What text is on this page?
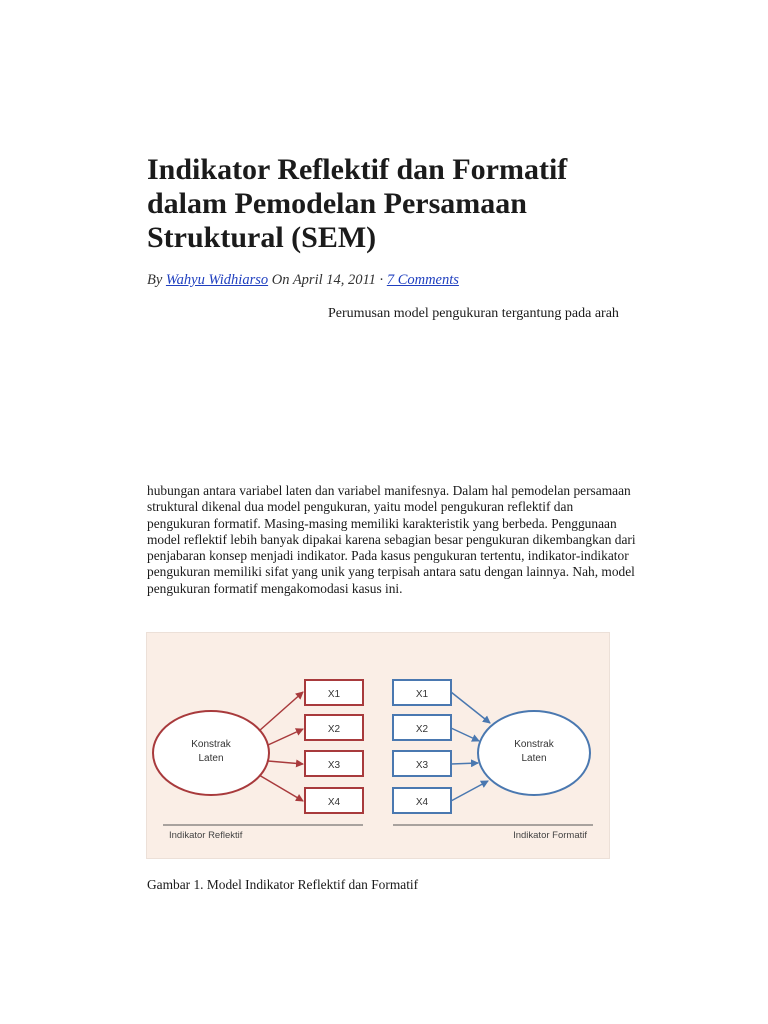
Indikator Reflektif dan Formatif dalam Pemodelan Persamaan Struktural (SEM)
By Wahyu Widhiarso On April 14, 2011 · 7 Comments
Perumusan model pengukuran tergantung pada arah

hubungan antara variabel laten dan variabel manifesnya. Dalam hal pemodelan persamaan struktural dikenal dua model pengukuran, yaitu model pengukuran reflektif dan pengukuran formatif. Masing-masing memiliki karakteristik yang berbeda. Penggunaan model reflektif lebih banyak dipakai karena sebagian besar pengukuran dikembangkan dari penjabaran konsep menjadi indikator. Pada kasus pengukuran tertentu, indikator-indikator pengukuran memiliki sifat yang unik yang terpisah antara satu dengan lainnya. Nah, model pengukuran formatif mengakomodasi kasus ini.

Konstrak
Laten
X1
X2
X3
X4
Indikator Reflektif
X1
X2
X3
X4
Konstrak
Laten
Indikator Formatif
Gambar 1. Model Indikator Reflektif dan Formatif
